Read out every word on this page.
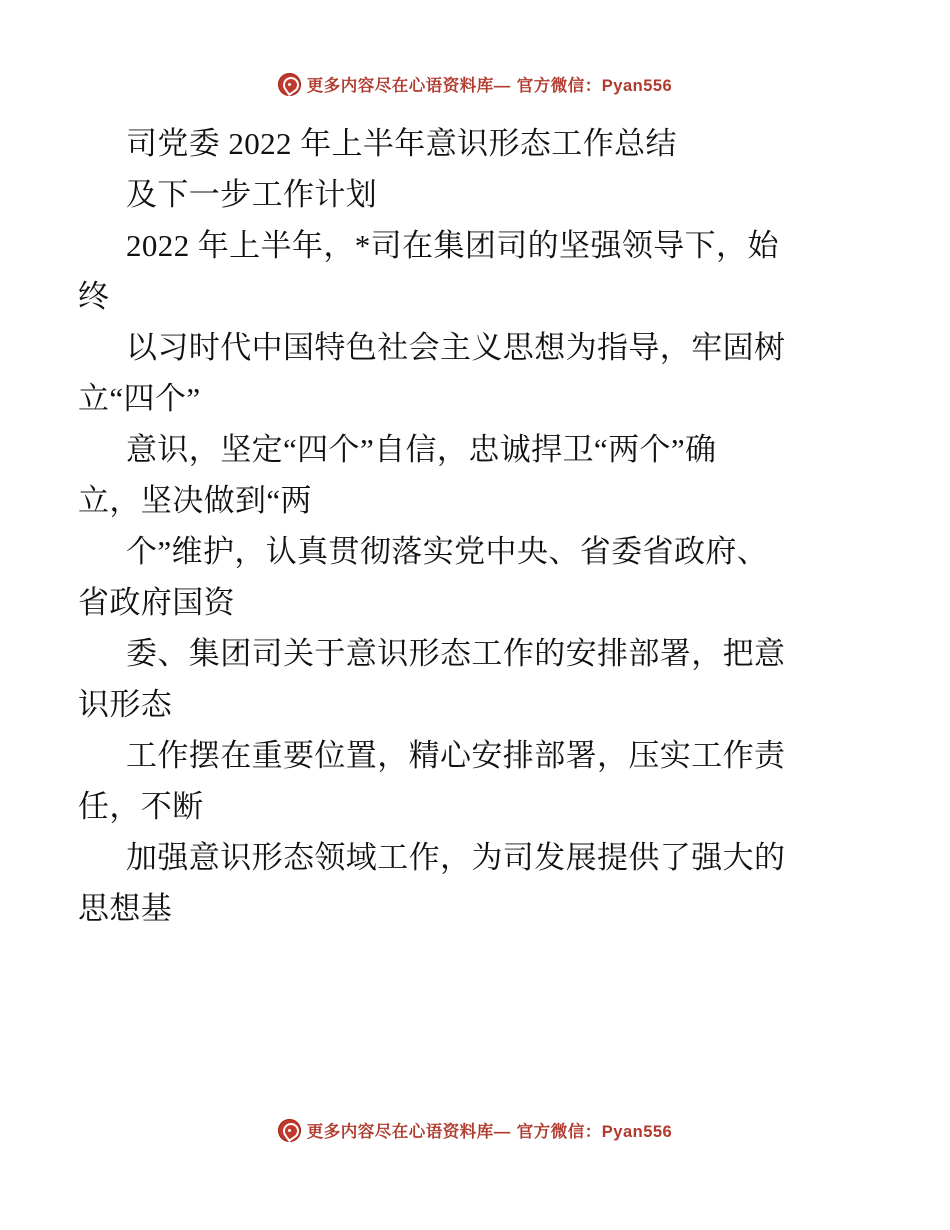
更多内容尽在心语资料库— 官方微信：Pyan556
司党委 2022 年上半年意识形态工作总结
及下一步工作计划
2022 年上半年，*司在集团司的坚强领导下，始
终
以习时代中国特色社会主义思想为指导，牢固树
立“四个”
意识，坚定“四个”自信，忠诚捍卫“两个”确
立，坚决做到“两
个”维护，认真贯彻落实党中央、省委省政府、
省政府国资
委、集团司关于意识形态工作的安排部署，把意
识形态
工作摆在重要位置，精心安排部署，压实工作责
任，不断
加强意识形态领域工作，为司发展提供了强大的
思想基
更多内容尽在心语资料库— 官方微信：Pyan556
